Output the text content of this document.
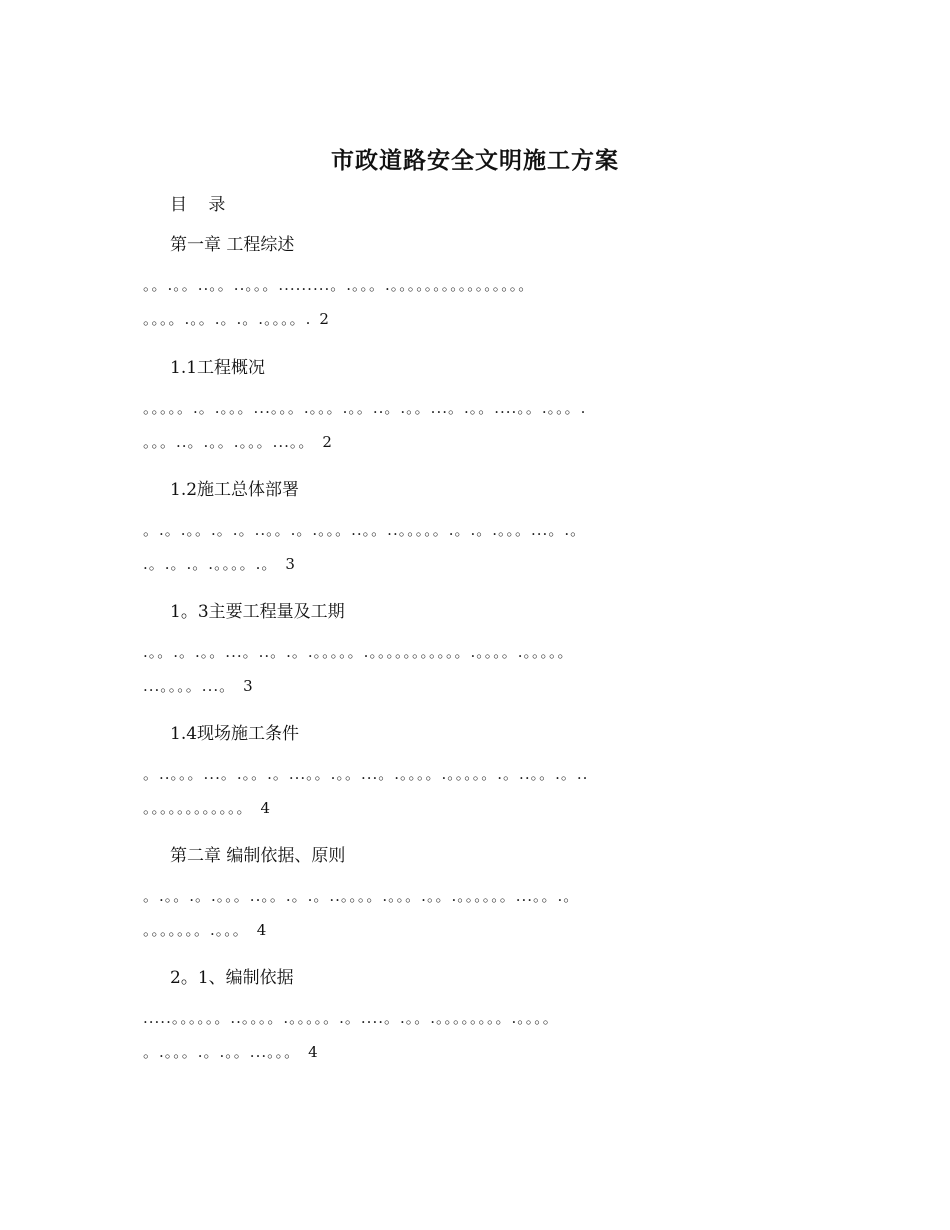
市政道路安全文明施工方案
目 录
第一章 工程综述
。。.。。..。。..。。。.........。.。。。.。。。。。。。。。。。。。。。。
。。。。.。。.。.。.。。。。. 2
1.1工程概况
。。。。。.。.。。。...。。。.。。。.。。..。.。。...。.。。....。。.。。。.
。。。..。.。。.。。。...。。 2
1.2施工总体部署
。.。.。。.。.。..。。.。.。。。..。。..。。。。。.。.。.。。。...。.。
.。.。.。.。。。。.。 3
1。3主要工程量及工期
.。。.。.。。...。..。.。.。。。。。.。。。。。。。。。。。.。。。。.。。。。。
...。。。。...。 3
1.4现场施工条件
。..。。。...。.。。.。...。。.。。...。.。。。。.。。。。。.。..。。.。..
。。。。。。。。。。。。 4
第二章 编制依据、原则
。.。。.。.。。。..。。.。.。..。。。。.。。。.。。.。。。。。。...。。.。
。。。。。。。.。。。 4
2。1、编制依据
.....。。。。。。..。。。。.。。。。。.。....。.。。.。。。。。。。。.。。。。
。.。。。.。.。。...。。。 4
